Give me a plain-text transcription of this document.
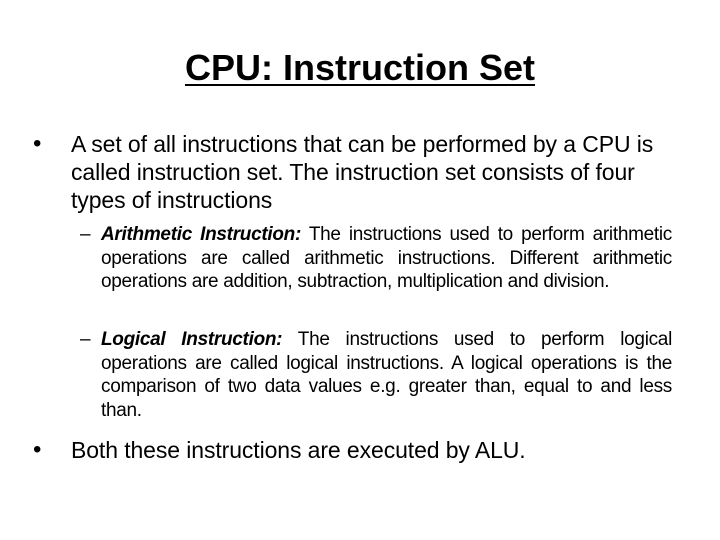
CPU: Instruction Set
•	A set of all instructions that can be performed by a CPU is called instruction set. The instruction set consists of four types of instructions
– Arithmetic Instruction: The instructions used to perform arithmetic operations are called arithmetic instructions. Different arithmetic operations are addition, subtraction, multiplication and division.
– Logical Instruction: The instructions used to perform logical operations are called logical instructions. A logical operations is the comparison of two data values e.g. greater than, equal to and less than.
•	Both these instructions are executed by ALU.
